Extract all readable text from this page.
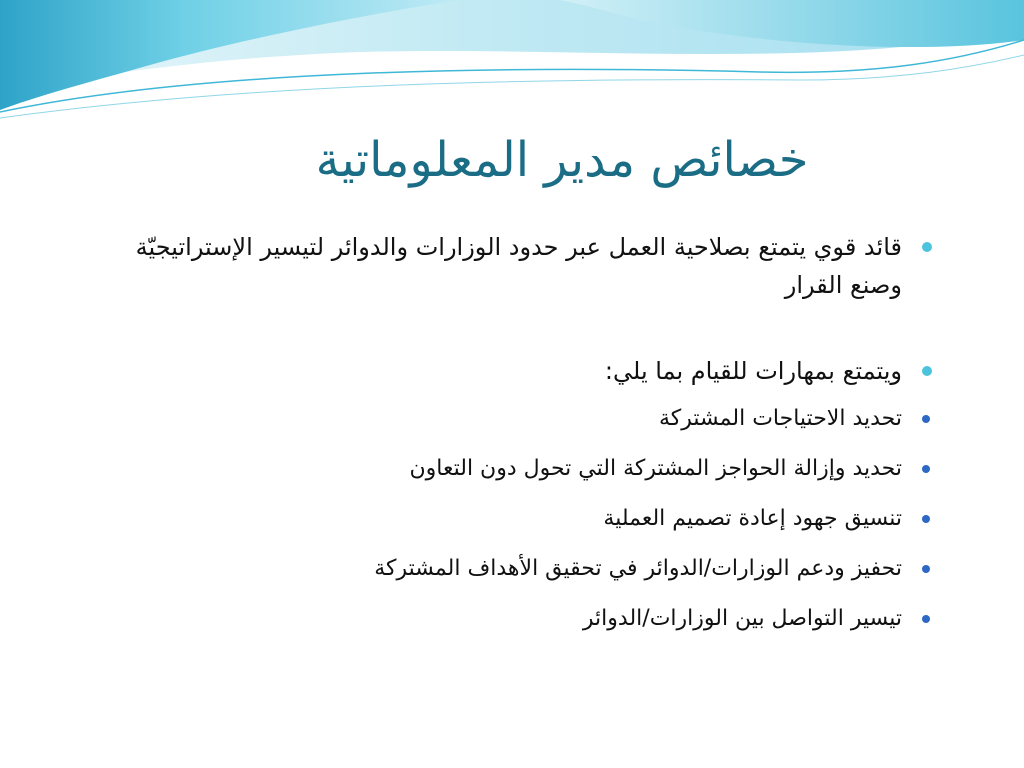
خصائص مدير المعلوماتية
قائد قوي يتمتع بصلاحية العمل عبر حدود الوزارات والدوائر لتيسير الإستراتيجيّة وصنع القرار
ويتمتع بمهارات للقيام بما يلي:
تحديد الاحتياجات المشتركة
تحديد وإزالة الحواجز المشتركة التي تحول دون التعاون
تنسيق جهود إعادة تصميم العملية
تحفيز ودعم الوزارات/الدوائر في تحقيق الأهداف المشتركة
تيسير التواصل بين الوزارات/الدوائر
